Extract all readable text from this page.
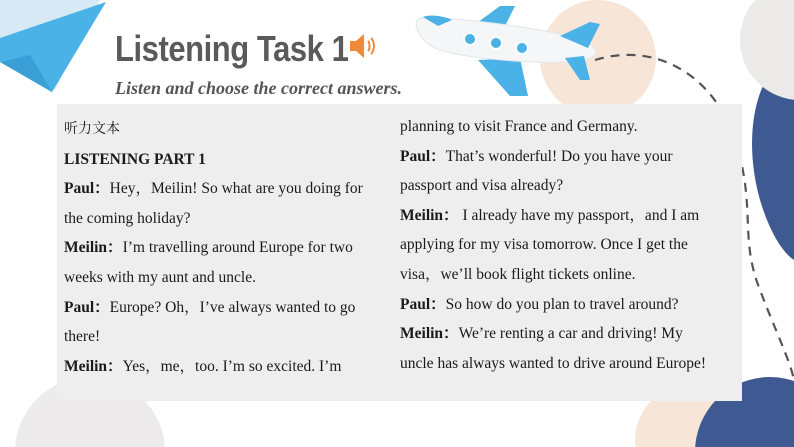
Listening Task 1
Listen and choose the correct answers.
听力文本
LISTENING PART 1
Paul：Hey，Meilin! So what are you doing for
the coming holiday?
Meilin：I’m travelling around Europe for two
weeks with my aunt and uncle.
Paul：Europe? Oh，I’ve always wanted to go
there!
Meilin：Yes，me，too. I’m so excited. I’m
planning to visit France and Germany.
Paul：That’s wonderful! Do you have your
passport and visa already?
Meilin： I already have my passport，and I am
applying for my visa tomorrow. Once I get the
visa，we’ll book flight tickets online.
Paul：So how do you plan to travel around?
Meilin：We’re renting a car and driving! My
uncle has always wanted to drive around Europe!
